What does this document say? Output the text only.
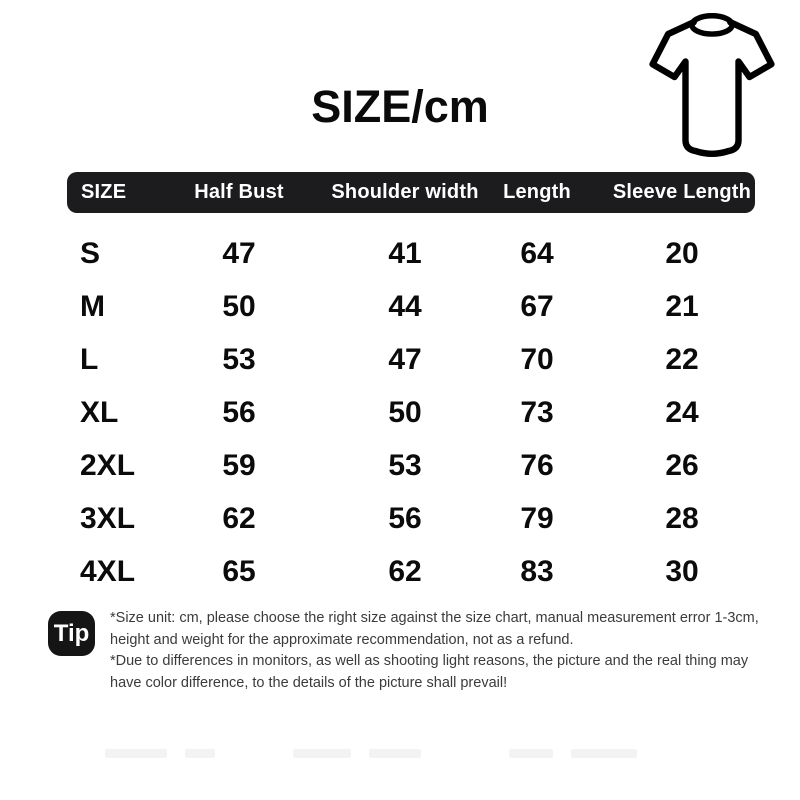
SIZE/cm
SIZE	Half Bust	Shoulder width	Length	Sleeve Length
S	47	41	64	20
M	50	44	67	21
L	53	47	70	22
XL	56	50	73	24
2XL	59	53	76	26
3XL	62	56	79	28
4XL	65	62	83	30
Tip
*Size unit: cm, please choose the right size against the size chart, manual measurement error 1-3cm,
height and weight for the approximate recommendation, not as a refund.
*Due to differences in monitors, as well as shooting light reasons, the picture and the real thing may
have color difference, to the details of the picture shall prevail!
